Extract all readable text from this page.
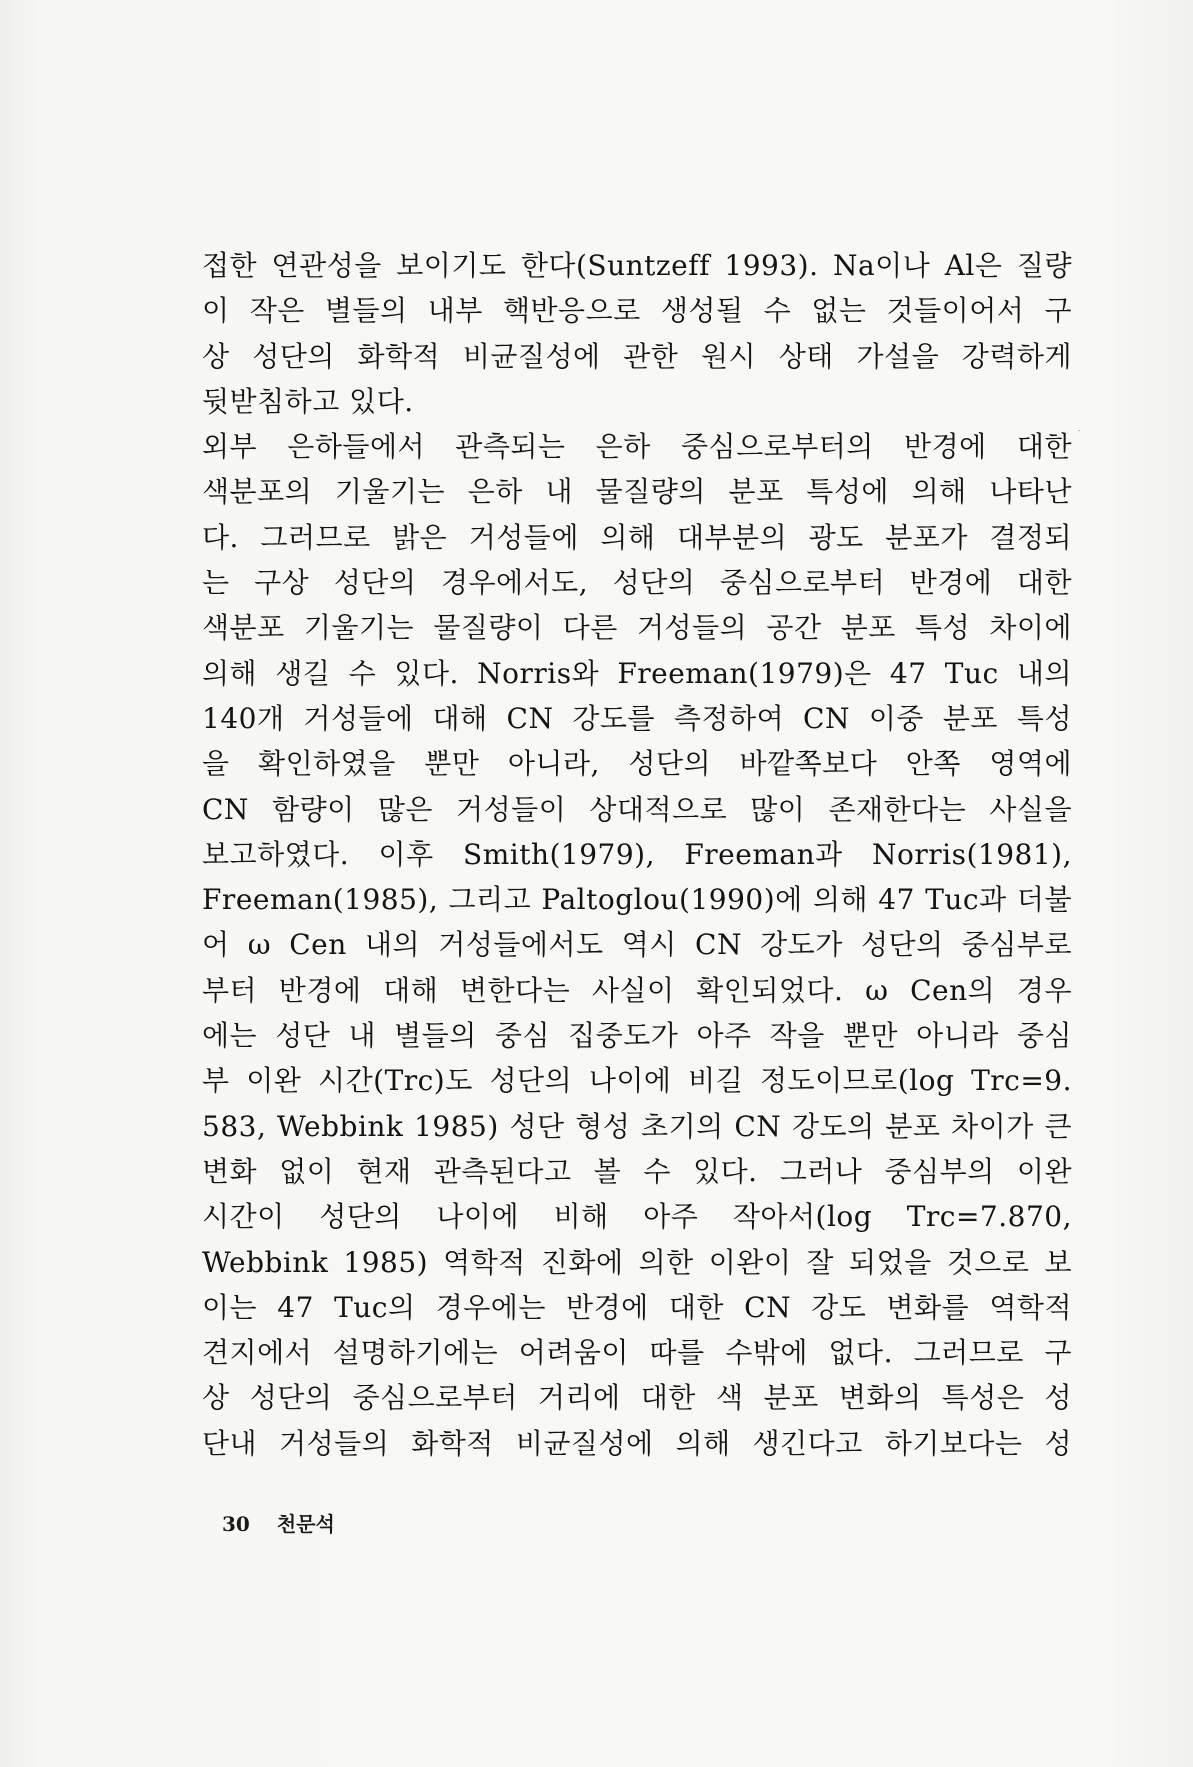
접한 연관성을 보이기도 한다(Suntzeff 1993). Na이나 Al은 질량
이 작은 별들의 내부 핵반응으로 생성될 수 없는 것들이어서 구
상 성단의 화학적 비균질성에 관한 원시 상태 가설을 강력하게
뒷받침하고 있다.

외부 은하들에서 관측되는 은하 중심으로부터의 반경에 대한
색분포의 기울기는 은하 내 물질량의 분포 특성에 의해 나타난
다. 그러므로 밝은 거성들에 의해 대부분의 광도 분포가 결정되
는 구상 성단의 경우에서도, 성단의 중심으로부터 반경에 대한
색분포 기울기는 물질량이 다른 거성들의 공간 분포 특성 차이에
의해 생길 수 있다. Norris와 Freeman(1979)은 47 Tuc 내의
140개 거성들에 대해 CN 강도를 측정하여 CN 이중 분포 특성
을 확인하였을 뿐만 아니라, 성단의 바깥쪽보다 안쪽 영역에
CN 함량이 많은 거성들이 상대적으로 많이 존재한다는 사실을
보고하였다. 이후 Smith(1979), Freeman과 Norris(1981),
Freeman(1985), 그리고 Paltoglou(1990)에 의해 47 Tuc과 더불
어 ω Cen 내의 거성들에서도 역시 CN 강도가 성단의 중심부로
부터 반경에 대해 변한다는 사실이 확인되었다. ω Cen의 경우
에는 성단 내 별들의 중심 집중도가 아주 작을 뿐만 아니라 중심
부 이완 시간(Trc)도 성단의 나이에 비길 정도이므로(log Trc=9.
583, Webbink 1985) 성단 형성 초기의 CN 강도의 분포 차이가 큰
변화 없이 현재 관측된다고 볼 수 있다. 그러나 중심부의 이완
시간이 성단의 나이에 비해 아주 작아서(log Trc=7.870,
Webbink 1985) 역학적 진화에 의한 이완이 잘 되었을 것으로 보
이는 47 Tuc의 경우에는 반경에 대한 CN 강도 변화를 역학적
견지에서 설명하기에는 어려움이 따를 수밖에 없다. 그러므로 구
상 성단의 중심으로부터 거리에 대한 색 분포 변화의 특성은 성
단내 거성들의 화학적 비균질성에 의해 생긴다고 하기보다는 성

30 천문석
